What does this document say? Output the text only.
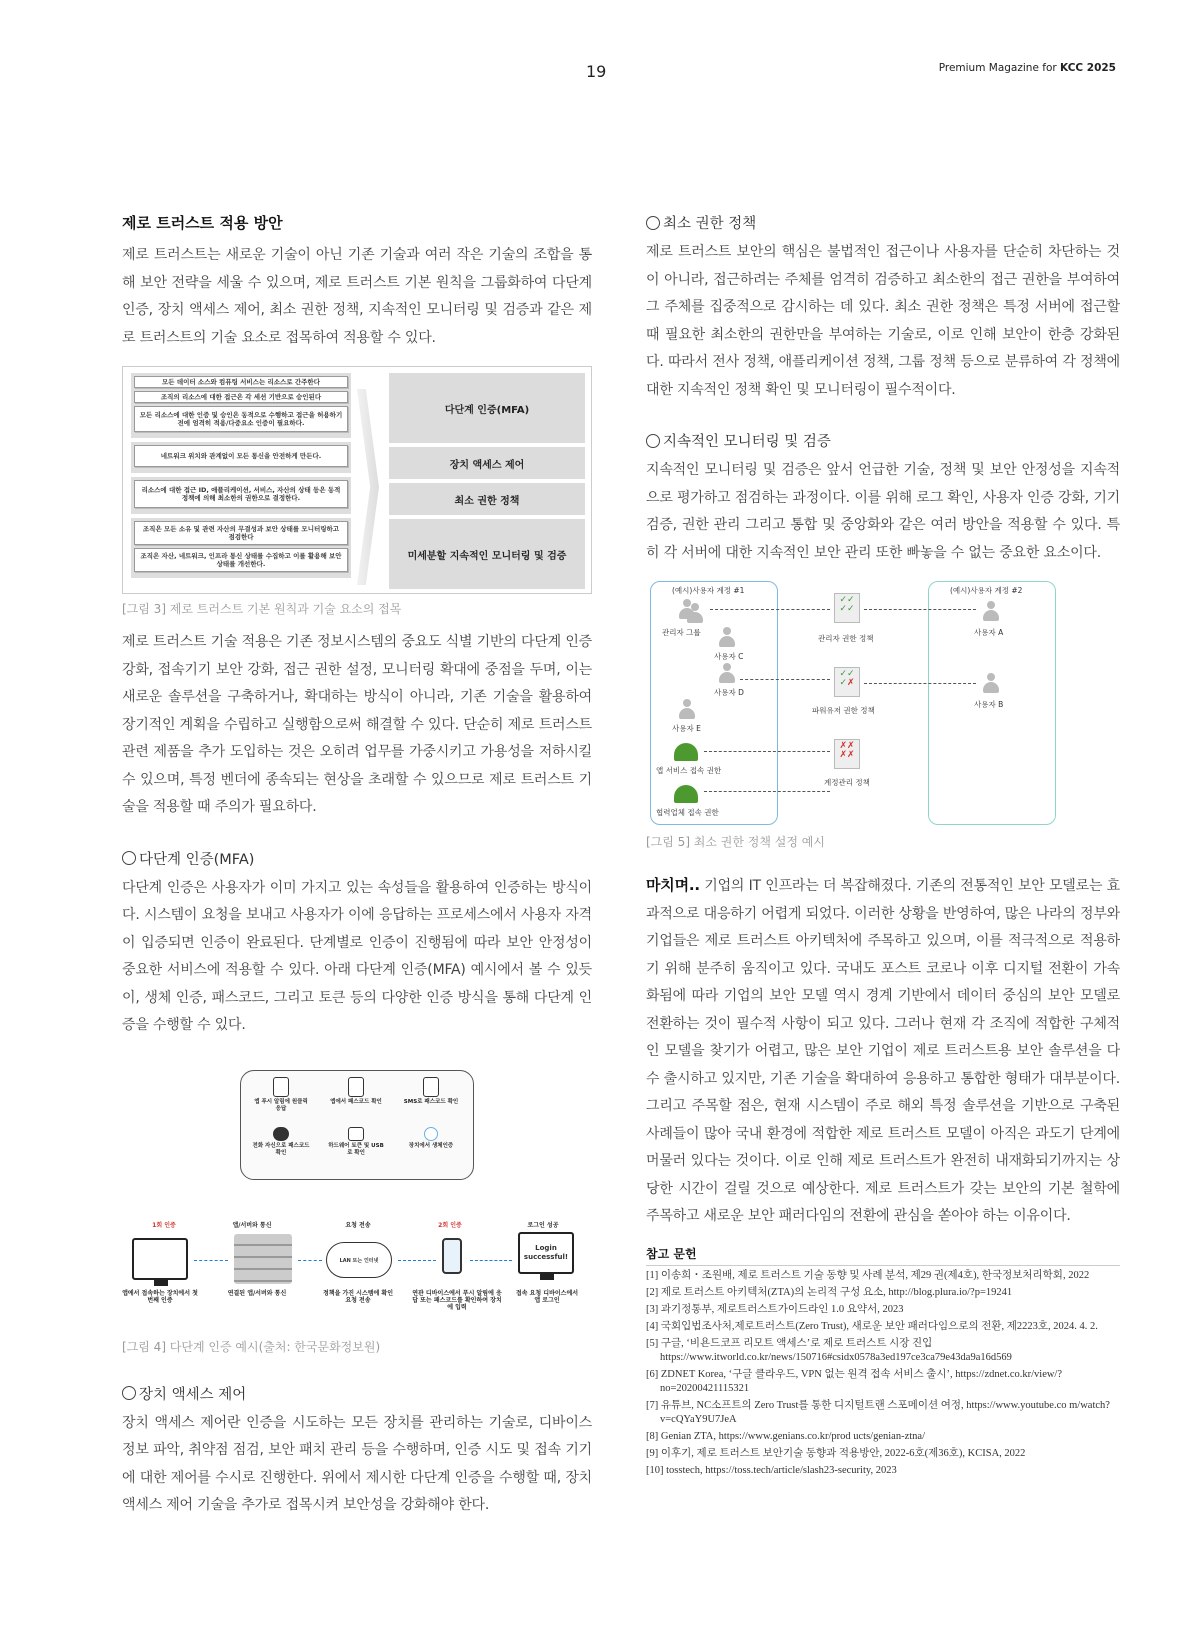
19	Premium Magazine for KCC 2025
제로 트러스트 적용 방안
제로 트러스트는 새로운 기술이 아닌 기존 기술과 여러 작은 기술의 조합을 통해 보안 전략을 세울 수 있으며, 제로 트러스트 기본 원칙을 그룹화하여 다단계 인증, 장치 액세스 제어, 최소 권한 정책, 지속적인 모니터링 및 검증과 같은 제로 트러스트의 기술 요소로 접목하여 적용할 수 있다.
모든 데이터 소스와 컴퓨팅 서비스는 리소스로 간주한다
조직의 리소스에 대한 접근은 각 세션 기반으로 승인된다
모든 리소스에 대한 인증 및 승인은 동적으로 수행하고 접근을 허용하기 전에 엄격히 적용/다중요소 인증이 필요하다.
네트워크 위치와 관계없이 모든 통신을 안전하게 만든다.
리소스에 대한 접근 ID, 애플리케이션, 서비스, 자산의 상태 등은 동적 정책에 의해 최소한의 권한으로 결정한다.
조직은 모든 소유 및 관련 자산의 무결성과 보안 상태를 모니터링하고 점검한다
조직은 자산, 네트워크, 인프라 통신 상태를 수집하고 이를 활용해 보안상태를 개선한다.
다단계 인증(MFA)
장치 액세스 제어
최소 권한 정책
미세분할 지속적인 모니터링 및 검증
[그림 3] 제로 트러스트 기본 원칙과 기술 요소의 접목
제로 트러스트 기술 적용은 기존 정보시스템의 중요도 식별 기반의 다단계 인증 강화, 접속기기 보안 강화, 접근 권한 설정, 모니터링 확대에 중점을 두며, 이는 새로운 솔루션을 구축하거나, 확대하는 방식이 아니라, 기존 기술을 활용하여 장기적인 계획을 수립하고 실행함으로써 해결할 수 있다. 단순히 제로 트러스트 관련 제품을 추가 도입하는 것은 오히려 업무를 가중시키고 가용성을 저하시킬 수 있으며, 특정 벤더에 종속되는 현상을 초래할 수 있으므로 제로 트러스트 기술을 적용할 때 주의가 필요하다.
다단계 인증(MFA)
다단계 인증은 사용자가 이미 가지고 있는 속성들을 활용하여 인증하는 방식이다. 시스템이 요청을 보내고 사용자가 이에 응답하는 프로세스에서 사용자 자격이 입증되면 인증이 완료된다. 단계별로 인증이 진행됨에 따라 보안 안정성이 중요한 서비스에 적용할 수 있다. 아래 다단계 인증(MFA) 예시에서 볼 수 있듯이, 생체 인증, 패스코드, 그리고 토큰 등의 다양한 인증 방식을 통해 다단계 인증을 수행할 수 있다.
앱 푸시 알림에 원클릭 응답
앱에서 패스코드 확인	SMS로 패스코드 확인
전화 자신으로 패스코드 확인
하드웨어 토큰 및 USB로 확인
장치에서 생체인증
1회 인증	앱/서버와 통신	요청 전송	2회 인증	로그인 성공
LAN 또는 인터넷
Login successful!
앱에서 접속하는 장치에서 첫번째 인증
연결된 앱/서버와 통신	정책을 가진 시스템에 확인 요청 전송
연관 디바이스에서 푸시 알림에 응답 또는 패스코드를 확인하여 장치에 입력
접속 요청 디바이스에서 앱 로그인
[그림 4] 다단계 인증 예시(출처: 한국문화정보원)
장치 액세스 제어
장치 액세스 제어란 인증을 시도하는 모든 장치를 관리하는 기술로, 디바이스 정보 파악, 취약점 점검, 보안 패치 관리 등을 수행하며, 인증 시도 및 접속 기기에 대한 제어를 수시로 진행한다. 위에서 제시한 다단계 인증을 수행할 때, 장치 액세스 제어 기술을 추가로 접목시켜 보안성을 강화해야 한다.
최소 권한 정책
제로 트러스트 보안의 핵심은 불법적인 접근이나 사용자를 단순히 차단하는 것이 아니라, 접근하려는 주체를 엄격히 검증하고 최소한의 접근 권한을 부여하여 그 주체를 집중적으로 감시하는 데 있다. 최소 권한 정책은 특정 서버에 접근할 때 필요한 최소한의 권한만을 부여하는 기술로, 이로 인해 보안이 한층 강화된다. 따라서 전사 정책, 애플리케이션 정책, 그룹 정책 등으로 분류하여 각 정책에 대한 지속적인 정책 확인 및 모니터링이 필수적이다.
지속적인 모니터링 및 검증
지속적인 모니터링 및 검증은 앞서 언급한 기술, 정책 및 보안 안정성을 지속적으로 평가하고 점검하는 과정이다. 이를 위해 로그 확인, 사용자 인증 강화, 기기 검증, 권한 관리 그리고 통합 및 중앙화와 같은 여러 방안을 적용할 수 있다. 특히 각 서버에 대한 지속적인 보안 관리 또한 빠놓을 수 없는 중요한 요소이다.
(예시)사용자 계정 #1	(예시)사용자 계정 #2
관리자 그룹
사용자 C
사용자 D
사용자 E
앱 서비스 접속 권한
협력업체 접속 권한
✓✓
✓✓
관리자 권한 정책
✓✓
✓✗
파워유저 권한 정책
✗✗
✗✗
계정관리 정책
사용자 A
사용자 B
[그림 5] 최소 권한 정책 설정 예시
마치며.. 기업의 IT 인프라는 더 복잡해졌다. 기존의 전통적인 보안 모델로는 효과적으로 대응하기 어렵게 되었다. 이러한 상황을 반영하여, 많은 나라의 정부와 기업들은 제로 트러스트 아키텍처에 주목하고 있으며, 이를 적극적으로 적용하기 위해 분주히 움직이고 있다. 국내도 포스트 코로나 이후 디지털 전환이 가속화됨에 따라 기업의 보안 모델 역시 경계 기반에서 데이터 중심의 보안 모델로 전환하는 것이 필수적 사항이 되고 있다. 그러나 현재 각 조직에 적합한 구체적인 모델을 찾기가 어렵고, 많은 보안 기업이 제로 트러스트용 보안 솔루션을 다수 출시하고 있지만, 기존 기술을 확대하여 응용하고 통합한 형태가 대부분이다. 그리고 주목할 점은, 현재 시스템이 주로 해외 특정 솔루션을 기반으로 구축된 사례들이 많아 국내 환경에 적합한 제로 트러스트 모델이 아직은 과도기 단계에 머물러 있다는 것이다. 이로 인해 제로 트러스트가 완전히 내재화되기까지는 상당한 시간이 걸릴 것으로 예상한다. 제로 트러스트가 갖는 보안의 기본 철학에 주목하고 새로운 보안 패러다임의 전환에 관심을 쏟아야 하는 이유이다.
참고 문헌
[1] 이송희・조원배, 제로 트러스트 기술 동향 및 사례 분석, 제29 권(제4호), 한국정보처리학회, 2022
[2] 제로 트러스트 아키텍처(ZTA)의 논리적 구성 요소, http://blog.plura.io/?p=19241
[3] 과기정통부, 제로트러스트가이드라인 1.0 요약서, 2023
[4] 국회입법조사처,제로트러스트(Zero Trust), 새로운 보안 패러다임으로의 전환, 제2223호, 2024. 4. 2.
[5] 구글, ‘비욘드코프 리모트 액세스’로 제로 트러스트 시장 진입 https://www.itworld.co.kr/news/150716#csidx0578a3ed197ce3ca79e43da9a16d569
[6] ZDNET Korea, ‘구글 클라우드, VPN 없는 원격 접속 서비스 출시’, https://zdnet.co.kr/view/?no=20200421115321
[7] 유튜브, NC소프트의 Zero Trust를 통한 디지털트랜 스포메이션 여정, https://www.youtube.co m/watch?v=cQYaY9U7JeA
[8] Genian ZTA, https://www.genians.co.kr/prod ucts/genian-ztna/
[9] 이후기, 제로 트러스트 보안기술 동향과 적용방안, 2022-6호(제36호), KCISA, 2022
[10] tosstech, https://toss.tech/article/slash23-security, 2023
